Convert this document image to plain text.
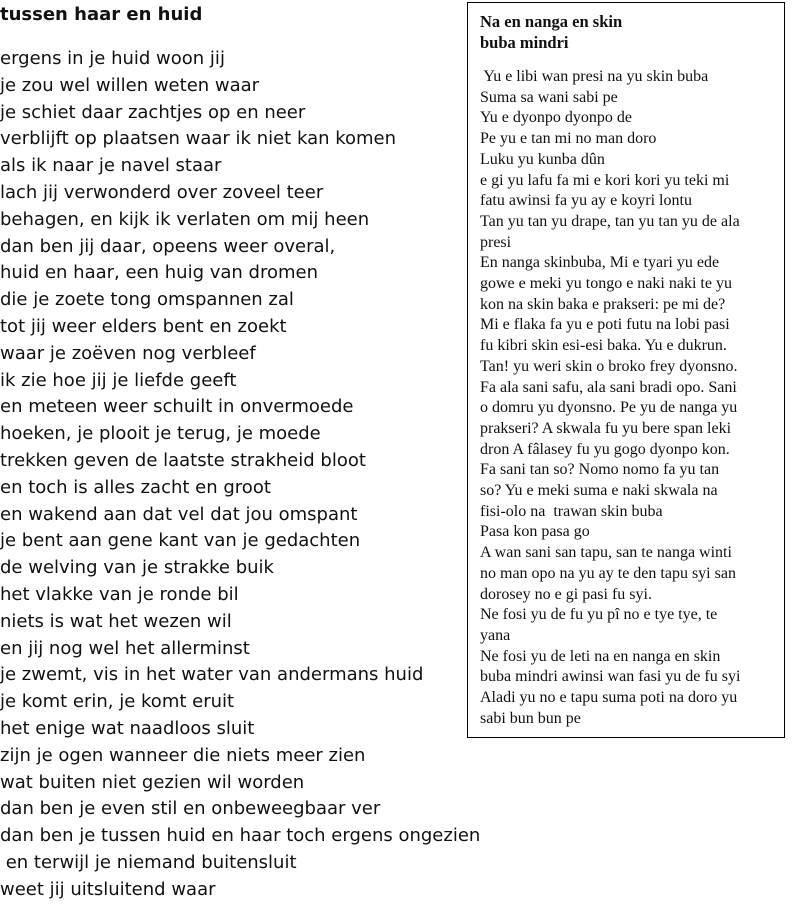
tussen haar en huid
ergens in je huid woon jij
je zou wel willen weten waar
je schiet daar zachtjes op en neer
verblijft op plaatsen waar ik niet kan komen
als ik naar je navel staar
lach jij verwonderd over zoveel teer
behagen, en kijk ik verlaten om mij heen
dan ben jij daar, opeens weer overal,
huid en haar, een huig van dromen
die je zoete tong omspannen zal
tot jij weer elders bent en zoekt
waar je zoëven nog verbleef
ik zie hoe jij je liefde geeft
en meteen weer schuilt in onvermoede
hoeken, je plooit je terug, je moede
trekken geven de laatste strakheid bloot
en toch is alles zacht en groot
en wakend aan dat vel dat jou omspant
je bent aan gene kant van je gedachten
de welving van je strakke buik
het vlakke van je ronde bil
niets is wat het wezen wil
en jij nog wel het allerminst
je zwemt, vis in het water van andermans huid
je komt erin, je komt eruit
het enige wat naadloos sluit
zijn je ogen wanneer die niets meer zien
wat buiten niet gezien wil worden
dan ben je even stil en onbeweegbaar ver
dan ben je tussen huid en haar toch ergens ongezien
en terwijl je niemand buitensluit
weet jij uitsluitend waar
Na en nanga en skin
buba mindri
Yu e libi wan presi na yu skin buba
Suma sa wani sabi pe
Yu e dyonpo dyonpo de
Pe yu e tan mi no man doro
Luku yu kunba dûn
e gi yu lafu fa mi e kori kori yu teki mi
fatu awinsi fa yu ay e koyri lontu
Tan yu tan yu drape, tan yu tan yu de ala
presi
En nanga skinbuba, Mi e tyari yu ede
gowe e meki yu tongo e naki naki te yu
kon na skin baka e prakseri: pe mi de?
Mi e flaka fa yu e poti futu na lobi pasi
fu kibri skin esi-esi baka. Yu e dukrun.
Tan! yu weri skin o broko frey dyonsno.
Fa ala sani safu, ala sani bradi opo. Sani
o domru yu dyonsno. Pe yu de nanga yu
prakseri? A skwala fu yu bere span leki
dron A fâlasey fu yu gogo dyonpo kon.
Fa sani tan so? Nomo nomo fa yu tan
so? Yu e meki suma e naki skwala na
fisi-olo na  trawan skin buba
Pasa kon pasa go
A wan sani san tapu, san te nanga winti
no man opo na yu ay te den tapu syi san
dorosey no e gi pasi fu syi.
Ne fosi yu de fu yu pî no e tye tye, te
yana
Ne fosi yu de leti na en nanga en skin
buba mindri awinsi wan fasi yu de fu syi
Aladi yu no e tapu suma poti na doro yu
sabi bun bun pe
